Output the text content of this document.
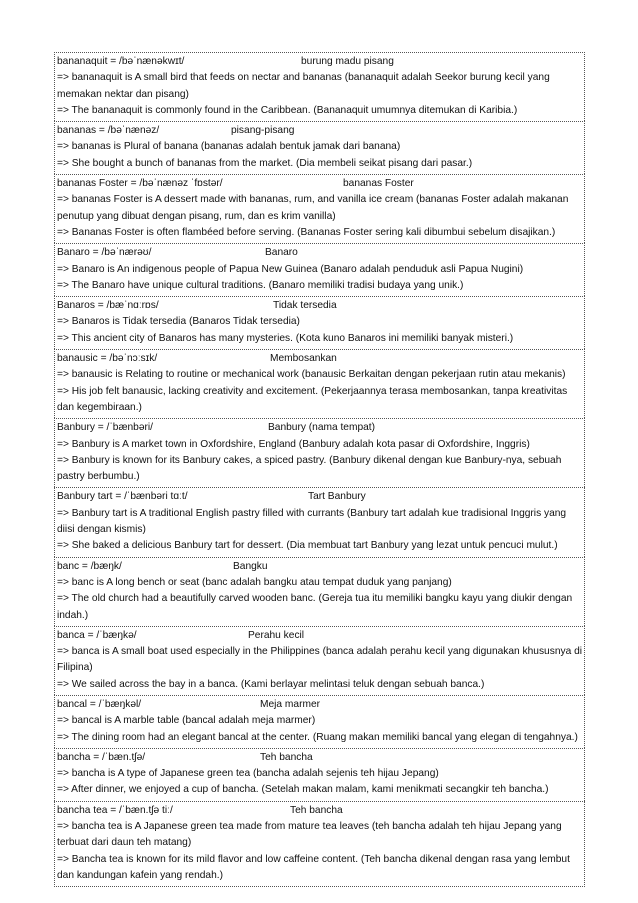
bananaquit = /bəˈnænəkwɪt/	burung madu pisang
=> bananaquit is A small bird that feeds on nectar and bananas (bananaquit adalah Seekor burung kecil yang memakan nektar dan pisang)
=> The bananaquit is commonly found in the Caribbean. (Bananaquit umumnya ditemukan di Karibia.)
bananas = /bəˈnænəz/	pisang-pisang
=> bananas is Plural of banana (bananas adalah bentuk jamak dari banana)
=> She bought a bunch of bananas from the market. (Dia membeli seikat pisang dari pasar.)
bananas Foster = /bəˈnænəz ˈfɒstər/	bananas Foster
=> bananas Foster is A dessert made with bananas, rum, and vanilla ice cream (bananas Foster adalah makanan penutup yang dibuat dengan pisang, rum, dan es krim vanilla)
=> Bananas Foster is often flambéed before serving. (Bananas Foster sering kali dibumbui sebelum disajikan.)
Banaro = /bəˈnærəʊ/	Banaro
=> Banaro is An indigenous people of Papua New Guinea (Banaro adalah penduduk asli Papua Nugini)
=> The Banaro have unique cultural traditions. (Banaro memiliki tradisi budaya yang unik.)
Banaros = /bæˈnɑːrɒs/	Tidak tersedia
=> Banaros is Tidak tersedia (Banaros Tidak tersedia)
=> This ancient city of Banaros has many mysteries. (Kota kuno Banaros ini memiliki banyak misteri.)
banausic = /bəˈnɔːsɪk/	Membosankan
=> banausic is Relating to routine or mechanical work (banausic Berkaitan dengan pekerjaan rutin atau mekanis)
=> His job felt banausic, lacking creativity and excitement. (Pekerjaannya terasa membosankan, tanpa kreativitas dan kegembiraan.)
Banbury = /ˈbænbəri/	Banbury (nama tempat)
=> Banbury is A market town in Oxfordshire, England (Banbury adalah kota pasar di Oxfordshire, Inggris)
=> Banbury is known for its Banbury cakes, a spiced pastry. (Banbury dikenal dengan kue Banbury-nya, sebuah pastry berbumbu.)
Banbury tart = /ˈbænbəri tɑːt/	Tart Banbury
=> Banbury tart is A traditional English pastry filled with currants (Banbury tart adalah kue tradisional Inggris yang diisi dengan kismis)
=> She baked a delicious Banbury tart for dessert. (Dia membuat tart Banbury yang lezat untuk pencuci mulut.)
banc = /bæŋk/	Bangku
=> banc is A long bench or seat (banc adalah bangku atau tempat duduk yang panjang)
=> The old church had a beautifully carved wooden banc. (Gereja tua itu memiliki bangku kayu yang diukir dengan indah.)
banca = /ˈbæŋkə/	Perahu kecil
=> banca is A small boat used especially in the Philippines (banca adalah perahu kecil yang digunakan khususnya di Filipina)
=> We sailed across the bay in a banca. (Kami berlayar melintasi teluk dengan sebuah banca.)
bancal = /ˈbæŋkəl/	Meja marmer
=> bancal is A marble table (bancal adalah meja marmer)
=> The dining room had an elegant bancal at the center. (Ruang makan memiliki bancal yang elegan di tengahnya.)
bancha = /ˈbæn.tʃə/	Teh bancha
=> bancha is A type of Japanese green tea (bancha adalah sejenis teh hijau Jepang)
=> After dinner, we enjoyed a cup of bancha. (Setelah makan malam, kami menikmati secangkir teh bancha.)
bancha tea = /ˈbæn.tʃə tiː/	Teh bancha
=> bancha tea is A Japanese green tea made from mature tea leaves (teh bancha adalah teh hijau Jepang yang terbuat dari daun teh matang)
=> Bancha tea is known for its mild flavor and low caffeine content. (Teh bancha dikenal dengan rasa yang lembut dan kandungan kafein yang rendah.)
